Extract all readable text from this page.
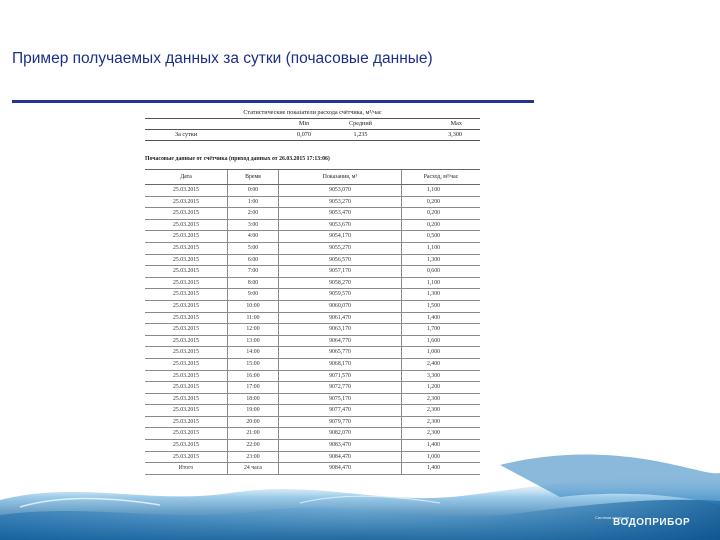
Пример получаемых данных за сутки (почасовые данные)
Статистические показатели расхода счётчика, м³/час			
	Min	Средний	Max
За сутки	0,070	1,235	3,300
Почасовые данные от счётчика (приход данных от 26.03.2015 17:13:06)
Дата	Время	Показания, м³	Расход, м³/час
25.03.2015	0:00	9053,070	1,100
25.03.2015	1:00	9053,270	0,200
25.03.2015	2:00	9053,470	0,200
25.03.2015	3:00	9053,670	0,200
25.03.2015	4:00	9054,170	0,500
25.03.2015	5:00	9055,270	1,100
25.03.2015	6:00	9056,570	1,300
25.03.2015	7:00	9057,170	0,600
25.03.2015	8:00	9058,270	1,100
25.03.2015	9:00	9059,570	1,300
25.03.2015	10:00	9060,070	1,500
25.03.2015	11:00	9061,470	1,400
25.03.2015	12:00	9063,170	1,700
25.03.2015	13:00	9064,770	1,600
25.03.2015	14:00	9065,770	1,000
25.03.2015	15:00	9068,170	2,400
25.03.2015	16:00	9071,570	3,300
25.03.2015	17:00	9072,770	1,200
25.03.2015	18:00	9075,170	2,300
25.03.2015	19:00	9077,470	2,300
25.03.2015	20:00	9079,770	2,300
25.03.2015	21:00	9082,070	2,300
25.03.2015	22:00	9083,470	1,400
25.03.2015	23:00	9084,470	1,000
Итого	24 часа	9084,470	1,400
Система контроля
ВОДОПРИБОР
